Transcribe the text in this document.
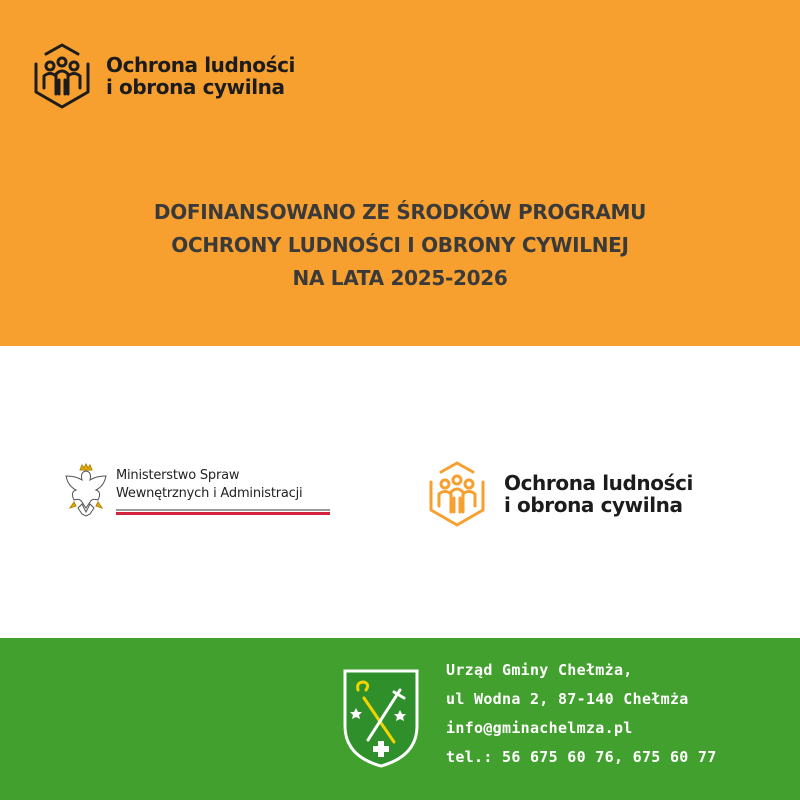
Ochrona ludności
i obrona cywilna
DOFINANSOWANO ZE ŚRODKÓW PROGRAMU
OCHRONY LUDNOŚCI I OBRONY CYWILNEJ
NA LATA 2025-2026
Ministerstwo Spraw
Wewnętrznych i Administracji	Ochrona ludności
i obrona cywilna
Urząd Gminy Chełmża,
ul Wodna 2, 87-140 Chełmża
info@gminachelmza.pl
tel.: 56 675 60 76, 675 60 77
